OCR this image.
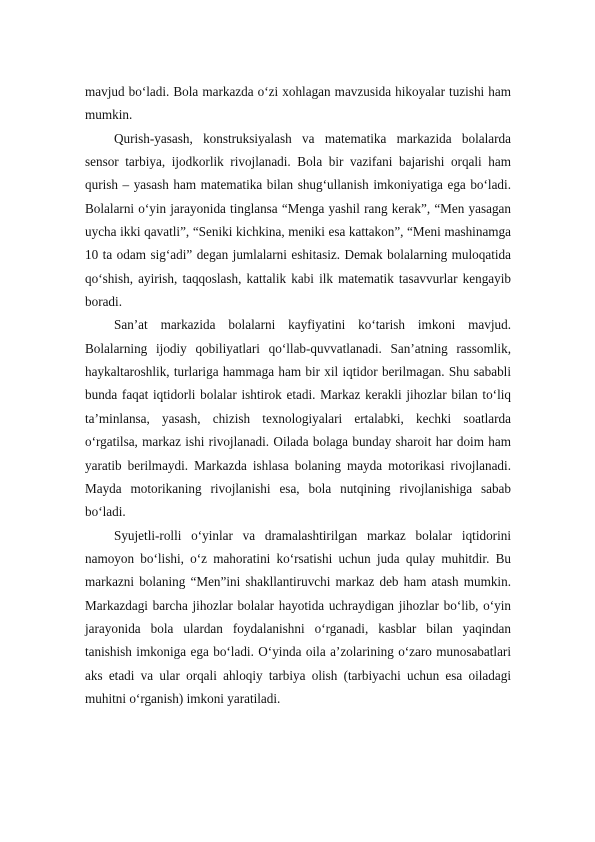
mavjud bo‘ladi. Bola markazda o‘zi xohlagan mavzusida hikoyalar tuzishi ham mumkin.

Qurish-yasash, konstruksiyalash va matematika markazida bolalarda sensor tarbiya, ijodkorlik rivojlanadi. Bola bir vazifani bajarishi orqali ham qurish – yasash ham matematika bilan shug‘ullanish imkoniyatiga ega bo‘ladi. Bolalarni o‘yin jarayonida tinglansa “Menga yashil rang kerak”, “Men yasagan uycha ikki qavatli”, “Seniki kichkina, meniki esa kattakon”, “Meni mashinamga 10 ta odam sig‘adi” degan jumlalarni eshitasiz. Demak bolalarning muloqatida qo‘shish, ayirish, taqqoslash, kattalik kabi ilk matematik tasavvurlar kengayib boradi.

San’at markazida bolalarni kayfiyatini ko‘tarish imkoni mavjud. Bolalarning ijodiy qobiliyatlari qo‘llab-quvvatlanadi. San’atning rassomlik, haykaltaroshlik, turlariga hammaga ham bir xil iqtidor berilmagan. Shu sababli bunda faqat iqtidorli bolalar ishtirok etadi. Markaz kerakli jihozlar bilan to‘liq ta’minlansa, yasash, chizish texnologiyalari ertalabki, kechki soatlarda o‘rgatilsa, markaz ishi rivojlanadi. Oilada bolaga bunday sharoit har doim ham yaratib berilmaydi. Markazda ishlasa bolaning mayda motorikasi rivojlanadi. Mayda motorikaning rivojlanishi esa, bola nutqining rivojlanishiga sabab bo‘ladi.

Syujetli-rolli o‘yinlar va dramalashtirilgan markaz bolalar iqtidorini namoyon bo‘lishi, o‘z mahoratini ko‘rsatishi uchun juda qulay muhitdir. Bu markazni bolaning “Men”ini shakllantiruvchi markaz deb ham atash mumkin. Markazdagi barcha jihozlar bolalar hayotida uchraydigan jihozlar bo‘lib, o‘yin jarayonida bola ulardan foydalanishni o‘rganadi, kasblar bilan yaqindan tanishish imkoniga ega bo‘ladi. O‘yinda oila a’zolarining o‘zaro munosabatlari aks etadi va ular orqali ahloqiy tarbiya olish (tarbiyachi uchun esa oiladagi muhitni o‘rganish) imkoni yaratiladi.
